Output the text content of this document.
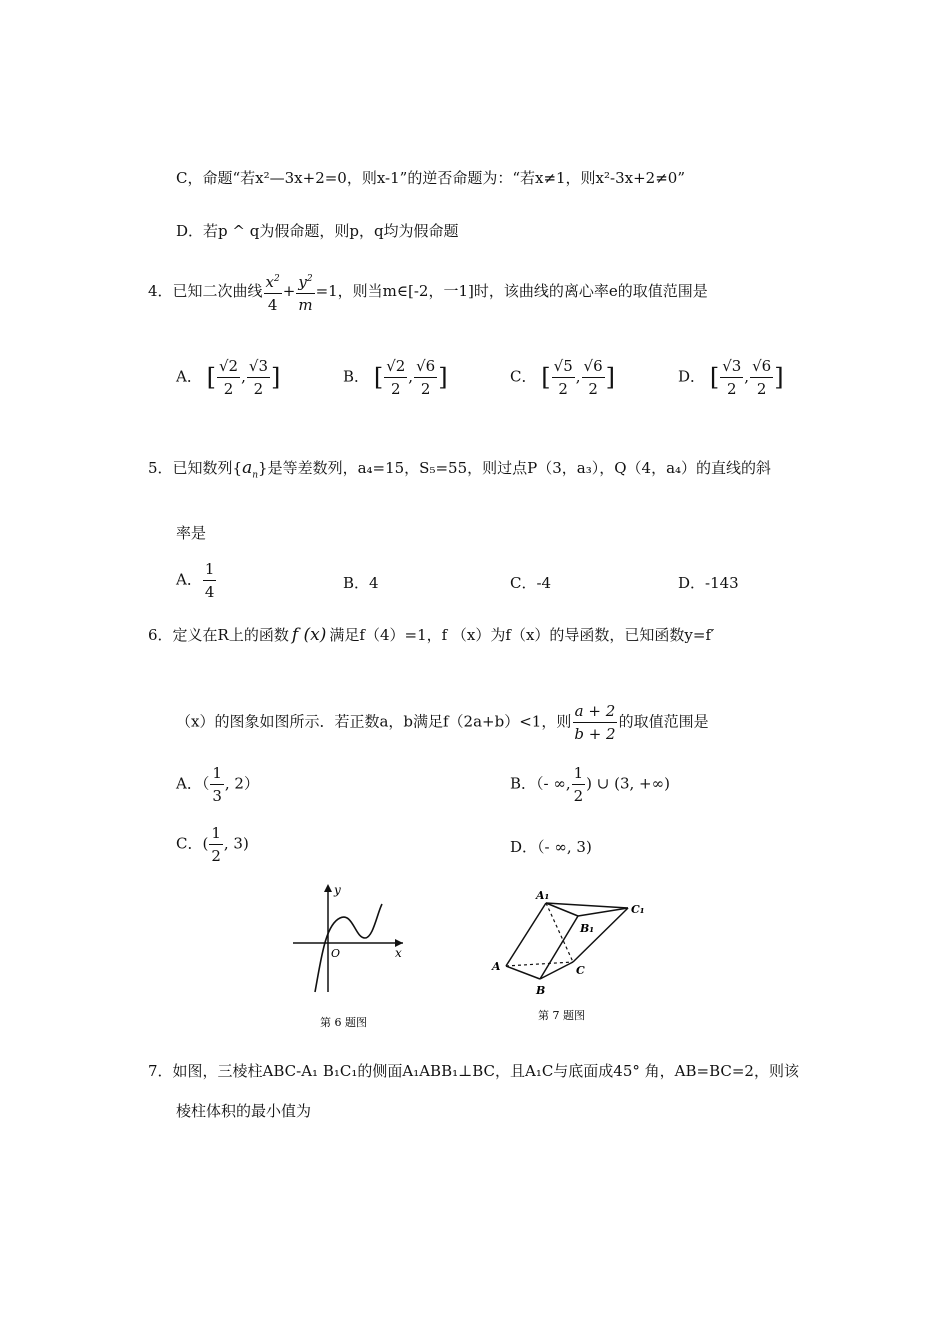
C，命题“若x²—3x+2=0，则x-1”的逆否命题为：“若x≠1，则x²-3x+2≠0”
D．若p ^ q为假命题，则p，q均为假命题
4．已知二次曲线 $\frac{x^2}{4} + \frac{y^2}{m} =1$，则当m∈[-2，一1]时，该曲线的离心率e的取值范围是
A． [ $\frac{√2}{2}$ , $\frac{√3}{2}$ ]	B． [ $\frac{√2}{2}$ , $\frac{√6}{2}$ ]	C． [ $\frac{√5}{2}$ , $\frac{√6}{2}$ ]	D． [ $\frac{√3}{2}$ , $\frac{√6}{2}$ ]
5．已知数列$\{a_n\}$是等差数列，a₄=15，S₅=55，则过点P（3，a₃），Q（4，a₄）的直线的斜
率是
A． $\frac{1}{4}$	B．4	C．-4	D．-143
6．定义在R上的函数 f (x) 满足f（4）=1，f （x）为f（x）的导函数，已知函数y=f′
（x）的图象如图所示．若正数a，b满足f（2a+b）<1，则 $\frac{a + 2}{b + 2}$ 的取值范围是
A．（ $\frac{1}{3}$ , 2）	B．（- ∞, $\frac{1}{2}$ ) ∪ (3, +∞)
C．( $\frac{1}{2}$ , 3)	D．（- ∞, 3)
y
x
O
第 6 题图
A₁
C₁
B₁
A
B
C
第 7 题图
7．如图，三棱柱ABC-A₁ B₁C₁的侧面A₁ABB₁⊥BC，且A₁C与底面成45° 角，AB=BC=2，则该
棱柱体积的最小值为
